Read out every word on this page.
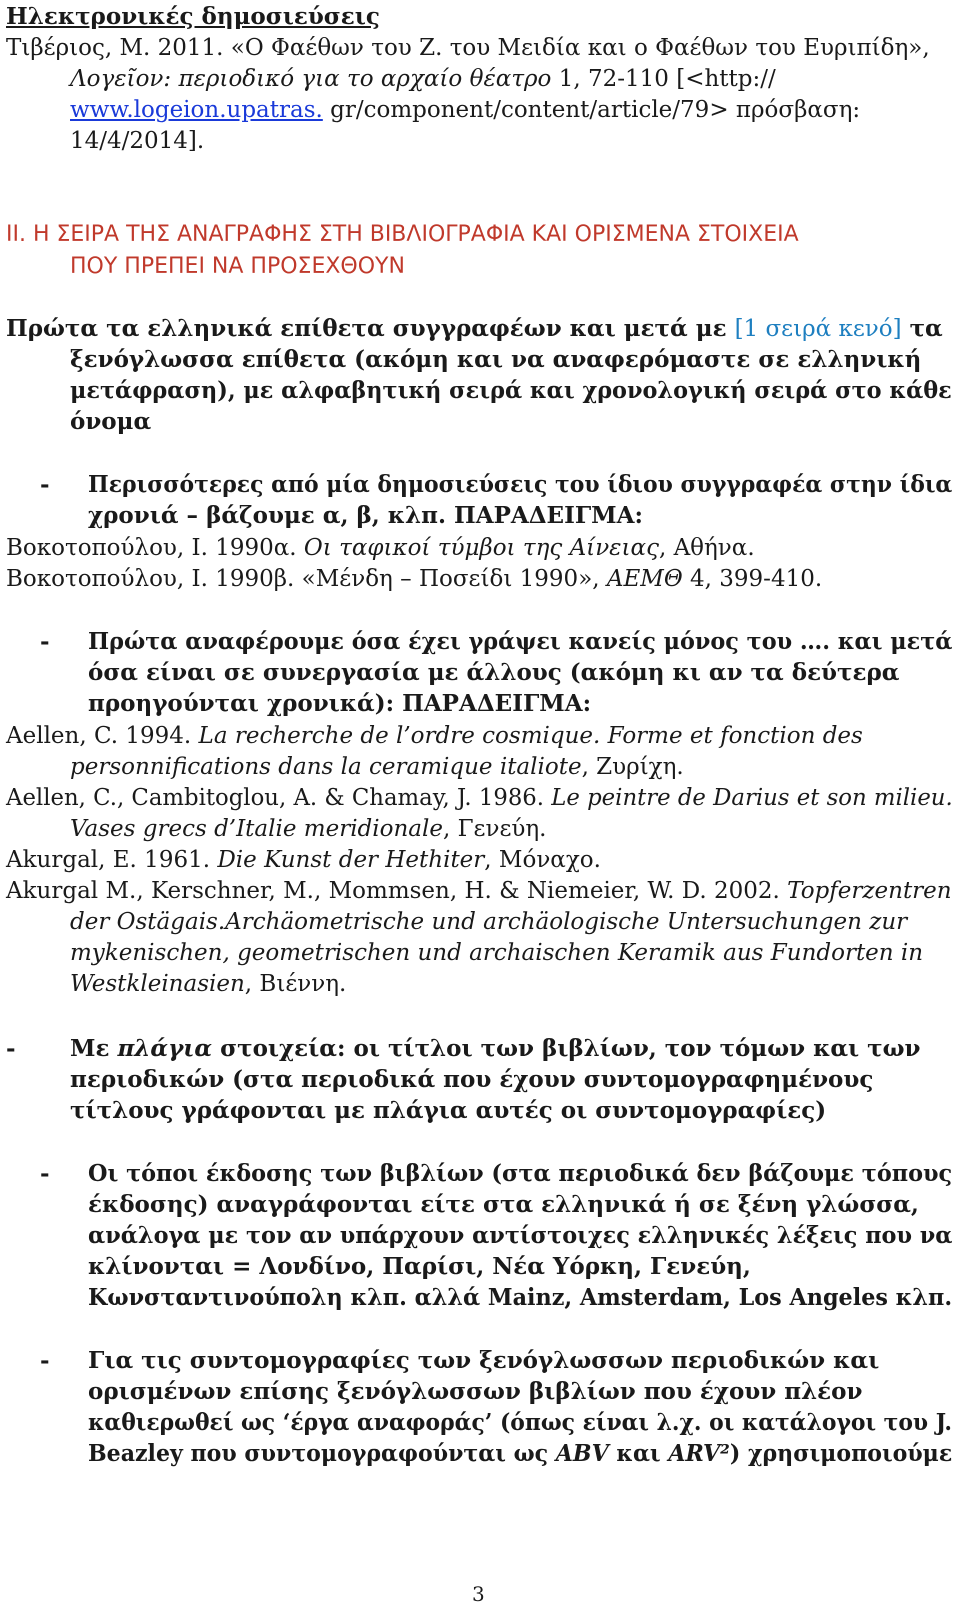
Ηλεκτρονικές δημοσιεύσεις
Τιβέριος, Μ. 2011. «Ο Φαέθων του Ζ. του Μειδία και ο Φαέθων του Ευριπίδη»,
Λογεῖον: περιοδικό για το αρχαίο θέατρο 1, 72-110 [<http://
www.logeion.upatras. gr/component/content/article/79> πρόσβαση:
14/4/2014].
ΙΙ. Η ΣΕΙΡΑ ΤΗΣ ΑΝΑΓΡΑΦΗΣ ΣΤΗ ΒΙΒΛΙΟΓΡΑΦΙΑ ΚΑΙ ΟΡΙΣΜΕΝΑ ΣΤΟΙΧΕΙΑ
ΠΟΥ ΠΡΕΠΕΙ ΝΑ ΠΡΟΣΕΧΘΟΥΝ
Πρώτα τα ελληνικά επίθετα συγγραφέων και μετά με [1 σειρά κενό] τα
ξενόγλωσσα επίθετα (ακόμη και να αναφερόμαστε σε ελληνική
μετάφραση), με αλφαβητική σειρά και χρονολογική σειρά στο κάθε
όνομα
- Περισσότερες από μία δημοσιεύσεις του ίδιου συγγραφέα στην ίδια
χρονιά – βάζουμε α, β, κλπ. ΠΑΡΑΔΕΙΓΜΑ:
Βοκοτοπούλου, Ι. 1990α. Οι ταφικοί τύμβοι της Αίνειας, Αθήνα.
Βοκοτοπούλου, Ι. 1990β. «Μένδη – Ποσείδι 1990», ΑΕΜΘ 4, 399-410.
- Πρώτα αναφέρουμε όσα έχει γράψει κανείς μόνος του …. και μετά
όσα είναι σε συνεργασία με άλλους (ακόμη κι αν τα δεύτερα
προηγούνται χρονικά): ΠΑΡΑΔΕΙΓΜΑ:
Aellen, C. 1994. La recherche de l’ordre cosmique. Forme et fonction des
personnifications dans la ceramique italiote, Ζυρίχη.
Aellen, C., Cambitoglou, A. & Chamay, J. 1986. Le peintre de Darius et son milieu.
Vases grecs d’Italie meridionale, Γενεύη.
Akurgal, E. 1961. Die Kunst der Hethiter, Μόναχο.
Akurgal M., Kerschner, M., Mommsen, H. & Niemeier, W. D. 2002. Topferzentren
der Ostägais.Archäometrische und archäologische Untersuchungen zur
mykenischen, geometrischen und archaischen Keramik aus Fundorten in
Westkleinasien, Βιέννη.
- Με πλάγια στοιχεία: οι τίτλοι των βιβλίων, τον τόμων και των
περιοδικών (στα περιοδικά που έχουν συντομογραφημένους
τίτλους γράφονται με πλάγια αυτές οι συντομογραφίες)
- Οι τόποι έκδοσης των βιβλίων (στα περιοδικά δεν βάζουμε τόπους
έκδοσης) αναγράφονται είτε στα ελληνικά ή σε ξένη γλώσσα,
ανάλογα με τον αν υπάρχουν αντίστοιχες ελληνικές λέξεις που να
κλίνονται = Λονδίνο, Παρίσι, Νέα Υόρκη, Γενεύη,
Κωνσταντινούπολη κλπ. αλλά Mainz, Amsterdam, Los Angeles κλπ.
- Για τις συντομογραφίες των ξενόγλωσσων περιοδικών και
ορισμένων επίσης ξενόγλωσσων βιβλίων που έχουν πλέον
καθιερωθεί ως ‘έργα αναφοράς’ (όπως είναι λ.χ. οι κατάλογοι του J.
Beazley που συντομογραφούνται ως ABV και ARV²) χρησιμοποιούμε
3
